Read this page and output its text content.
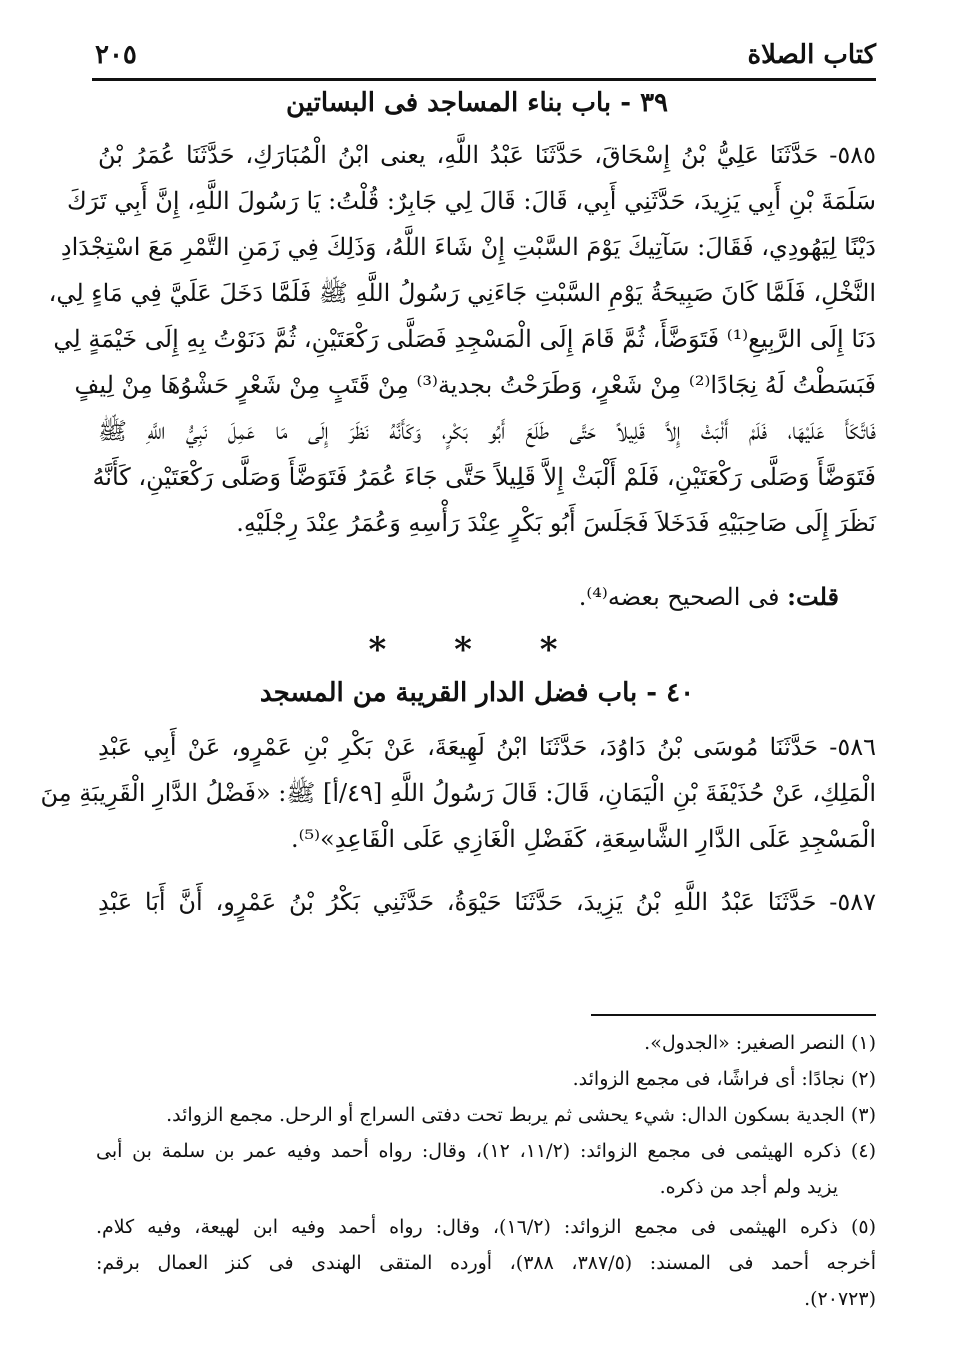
كتاب الصلاة
٢٠٥
٣٩ - باب بناء المساجد فى البساتين
٥٨٥- حَدَّثَنَا عَلِيُّ بْنُ إِسْحَاقَ، حَدَّثَنَا عَبْدُ اللَّهِ، يعنى ابْنُ الْمُبَارَكِ، حَدَّثَنَا عُمَرُ بْنُ
سَلَمَةَ بْنِ أَبِي يَزِيدَ، حَدَّثَنِي أَبِي، قَالَ: قَالَ لِي جَابِرٌ: قُلْتُ: يَا رَسُولَ اللَّهِ، إِنَّ أَبِي تَرَكَ
دَيْنًا لِيَهُودِي، فَقَالَ: سَآتِيكَ يَوْمَ السَّبْتِ إِنْ شَاءَ اللَّهُ، وَذَلِكَ فِي زَمَنِ التَّمْرِ مَعَ اسْتِجْدَادِ
النَّخْلِ، فَلَمَّا كَانَ صَبِيحَةُ يَوْمِ السَّبْتِ جَاءَنِي رَسُولُ اللَّهِ ﷺ فَلَمَّا دَخَلَ عَلَيَّ فِي مَاءٍ لِي،
دَنَا إِلَى الرَّبِيعِ⁽¹⁾ فَتَوَضَّأَ، ثُمَّ قَامَ إِلَى الْمَسْجِدِ فَصَلَّى رَكْعَتَيْنِ، ثُمَّ دَنَوْتُ بِهِ إِلَى خَيْمَةٍ لِي
فَبَسَطْتُ لَهُ نِجَادًا⁽²⁾ مِنْ شَعْرٍ، وَطَرَحْتُ بجدية⁽³⁾ مِنْ قَتَبٍ مِنْ شَعْرٍ حَشْوُهَا مِنْ لِيفٍ
فَاتَّكَأَ عَلَيْهَا، فَلَمْ أَلْبَثْ إِلاَّ قَلِيلاً حَتَّى طَلَعَ أَبُو بَكْرٍ، وَكَأَنَّهُ نَظَرَ إِلَى مَا عَمِلَ نَبِيُّ اللَّهِ ﷺ
فَتَوَضَّأَ وَصَلَّى رَكْعَتَيْنِ، فَلَمْ أَلْبَثْ إِلاَّ قَلِيلاً حَتَّى جَاءَ عُمَرُ فَتَوَضَّأَ وَصَلَّى رَكْعَتَيْنِ، كَأَنَّهُ
نَظَرَ إِلَى صَاحِبَيْهِ فَدَخَلاَ فَجَلَسَ أَبُو بَكْرٍ عِنْدَ رَأْسِهِ وَعُمَرُ عِنْدَ رِجْلَيْهِ.
قلت: فى الصحيح بعضه⁽⁴⁾.
* * *
٤٠ - باب فضل الدار القريبة من المسجد
٥٨٦- حَدَّثَنَا مُوسَى بْنُ دَاوُدَ، حَدَّثَنَا ابْنُ لَهِيعَةَ، عَنْ بَكْرِ بْنِ عَمْرٍو، عَنْ أَبِي عَبْدِ
الْمَلِكِ، عَنْ حُذَيْفَةَ بْنِ الْيَمَانِ، قَالَ: قَالَ رَسُولُ اللَّهِ [٤٩/أ] ﷺ: «فَضْلُ الدَّارِ الْقَرِيبَةِ مِنَ
الْمَسْجِدِ عَلَى الدَّارِ الشَّاسِعَةِ، كَفَضْلِ الْغَازِي عَلَى الْقَاعِدِ»⁽⁵⁾.
٥٨٧- حَدَّثَنَا عَبْدُ اللَّهِ بْنُ يَزِيدَ، حَدَّثَنَا حَيْوَةُ، حَدَّثَنِي بَكْرُ بْنُ عَمْرٍو، أَنَّ أَبَا عَبْدِ
(١) النصر الصغير: «الجدول».
(٢) نجادًا: أى فراشًا، فى مجمع الزوائد.
(٣) الجدية بسكون الدال: شيء يحشى ثم يربط تحت دفتى السراج أو الرحل. مجمع الزوائد.
(٤) ذكره الهيثمى فى مجمع الزوائد: (١١/٢، ١٢)، وقال: رواه أحمد وفيه عمر بن سلمة بن أبى
يزيد ولم أجد من ذكره.
(٥) ذكره الهيثمى فى مجمع الزوائد: (١٦/٢)، وقال: رواه أحمد وفيه ابن لهيعة، وفيه كلام.
أخرجه أحمد فى المسند: (٣٨٧/٥، ٣٨٨)، أورده المتقى الهندى فى كنز العمال برقم:
(٢٠٧٢٣).
